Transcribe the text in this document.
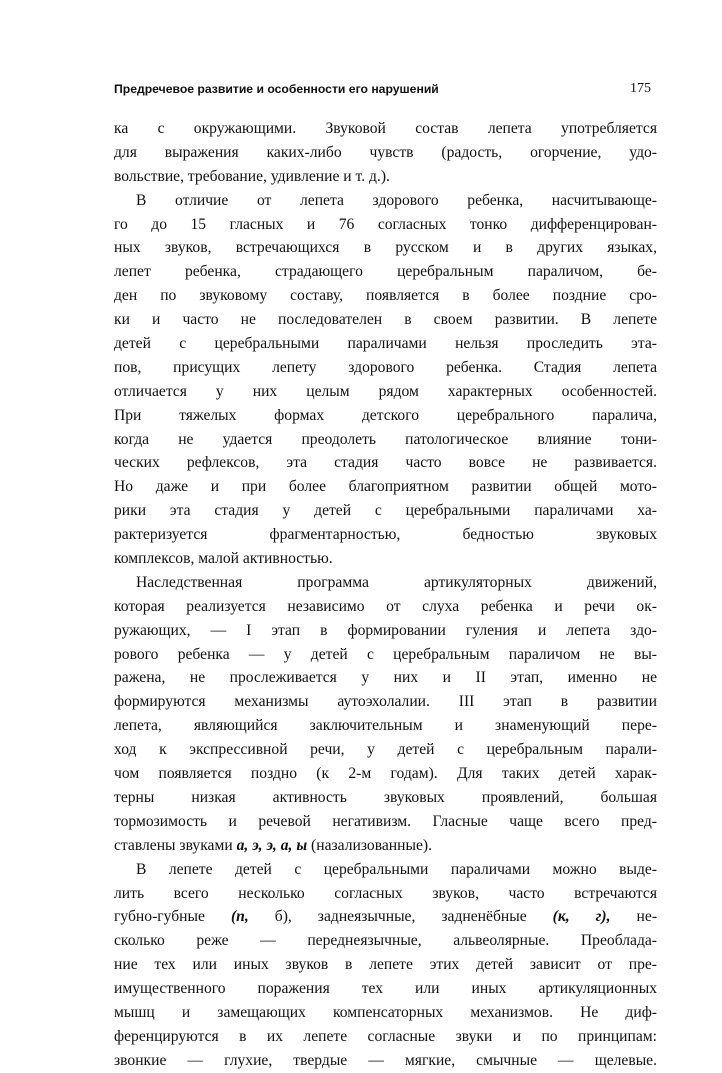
Предречевое развитие и особенности его нарушений	175
ка с окружающими. Звуковой состав лепета употребляется
для выражения каких-либо чувств (радость, огорчение, удо-
вольствие, требование, удивление и т. д.).
В отличие от лепета здорового ребенка, насчитывающе-
го до 15 гласных и 76 согласных тонко дифференцирован-
ных звуков, встречающихся в русском и в других языках,
лепет ребенка, страдающего церебральным параличом, бе-
ден по звуковому составу, появляется в более поздние сро-
ки и часто не последователен в своем развитии. В лепете
детей с церебральными параличами нельзя проследить эта-
пов, присущих лепету здорового ребенка. Стадия лепета
отличается у них целым рядом характерных особенностей.
При тяжелых формах детского церебрального паралича,
когда не удается преодолеть патологическое влияние тони-
ческих рефлексов, эта стадия часто вовсе не развивается.
Но даже и при более благоприятном развитии общей мото-
рики эта стадия у детей с церебральными параличами ха-
рактеризуется фрагментарностью, бедностью звуковых
комплексов, малой активностью.
Наследственная программа артикуляторных движений,
которая реализуется независимо от слуха ребенка и речи ок-
ружающих, — I этап в формировании гуления и лепета здо-
рового ребенка — у детей с церебральным параличом не вы-
ражена, не прослеживается у них и II этап, именно не
формируются механизмы аутоэхолалии. III этап в развитии
лепета, являющийся заключительным и знаменующий пере-
ход к экспрессивной речи, у детей с церебральным парали-
чом появляется поздно (к 2-м годам). Для таких детей харак-
терны низкая активность звуковых проявлений, большая
тормозимость и речевой негативизм. Гласные чаще всего пред-
ставлены звуками а, э, э, а, ы (назализованные).
В лепете детей с церебральными параличами можно выде-
лить всего несколько согласных звуков, часто встречаются
губно-губные (п, б), заднеязычные, задненёбные (к, г), не-
сколько реже — переднеязычные, альвеолярные. Преоблада-
ние тех или иных звуков в лепете этих детей зависит от пре-
имущественного поражения тех или иных артикуляционных
мышц и замещающих компенсаторных механизмов. Не диф-
ференцируются в их лепете согласные звуки и по принципам:
звонкие — глухие, твердые — мягкие, смычные — щелевые.
